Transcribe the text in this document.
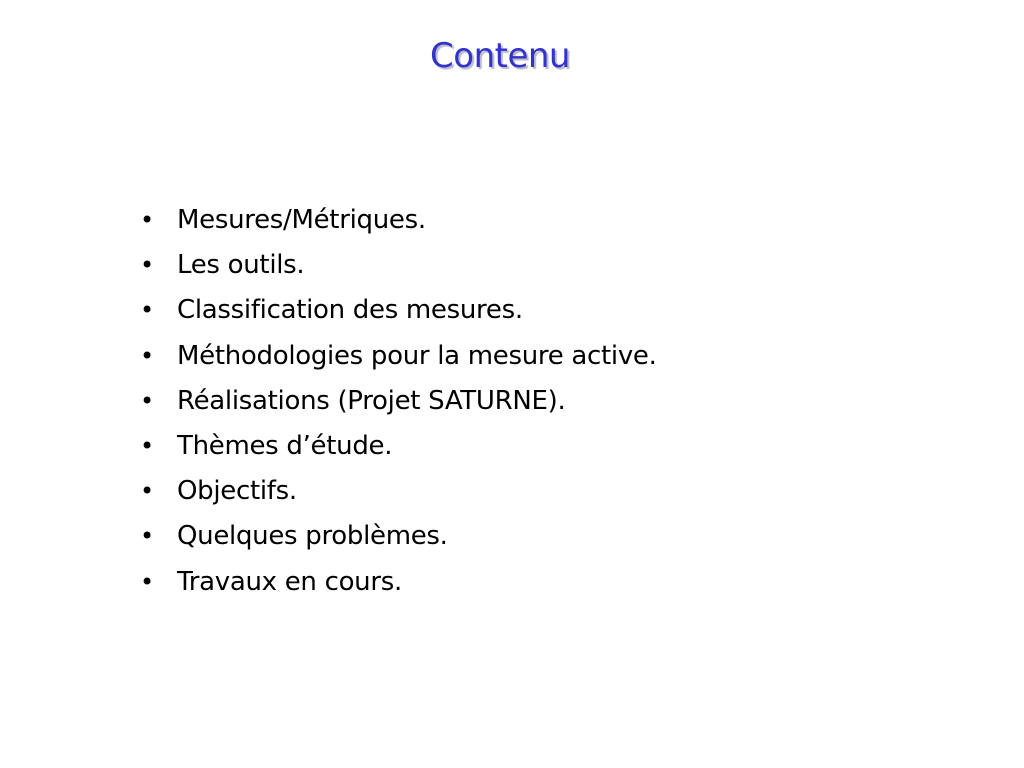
Contenu
• Mesures/Métriques.
• Les outils.
• Classification des mesures.
• Méthodologies pour la mesure active.
• Réalisations (Projet SATURNE).
• Thèmes d’étude.
• Objectifs.
• Quelques problèmes.
• Travaux en cours.
